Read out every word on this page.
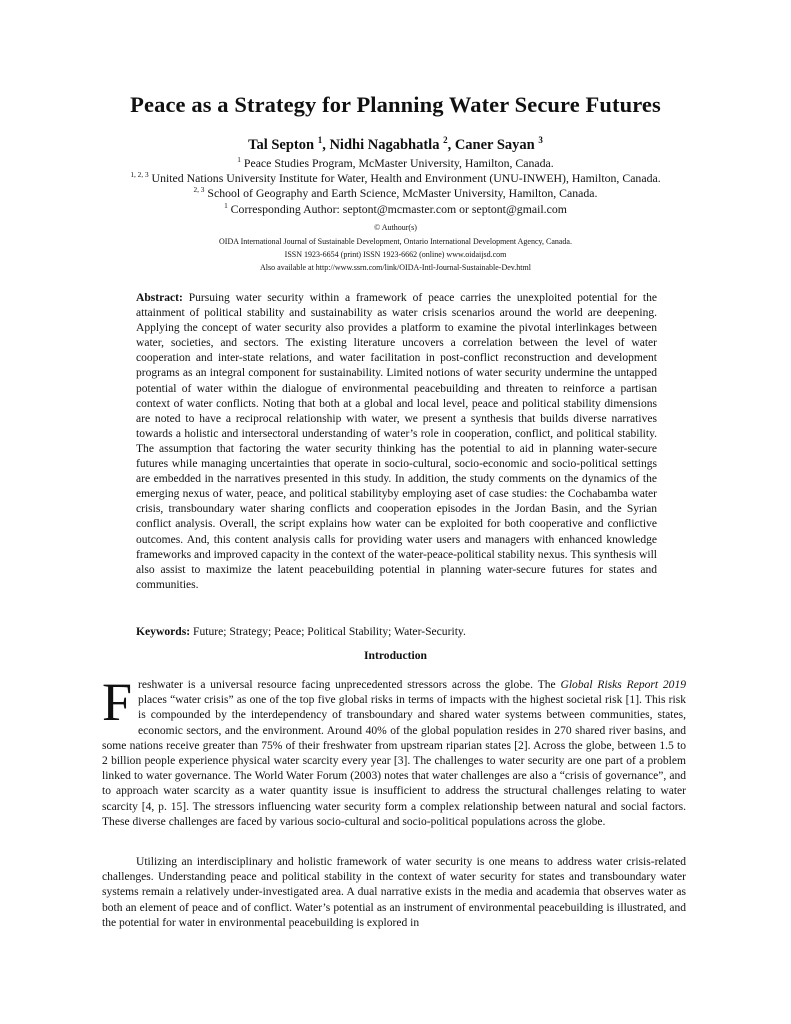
Peace as a Strategy for Planning Water Secure Futures
Tal Septon $^1$, Nidhi Nagabhatla $^2$, Caner Sayan $^3$
$^1$ Peace Studies Program, McMaster University, Hamilton, Canada.
$^{1, 2, 3}$ United Nations University Institute for Water, Health and Environment (UNU-INWEH), Hamilton, Canada.
$^{2, 3}$ School of Geography and Earth Science, McMaster University, Hamilton, Canada.
$^1$ Corresponding Author: septont@mcmaster.com or septont@gmail.com
© Authour(s)
OIDA International Journal of Sustainable Development, Ontario International Development Agency, Canada.
ISSN 1923-6654 (print) ISSN 1923-6662 (online) www.oidaijsd.com
Also available at http://www.ssrn.com/link/OIDA-Intl-Journal-Sustainable-Dev.html

Abstract: Pursuing water security within a framework of peace carries the unexploited potential for the attainment of political stability and sustainability as water crisis scenarios around the world are deepening. Applying the concept of water security also provides a platform to examine the pivotal interlinkages between water, societies, and sectors. The existing literature uncovers a correlation between the level of water cooperation and inter-state relations, and water facilitation in post-conflict reconstruction and development programs as an integral component for sustainability. Limited notions of water security undermine the untapped potential of water within the dialogue of environmental peacebuilding and threaten to reinforce a partisan context of water conflicts. Noting that both at a global and local level, peace and political stability dimensions are noted to have a reciprocal relationship with water, we present a synthesis that builds diverse narratives towards a holistic and intersectoral understanding of water’s role in cooperation, conflict, and political stability. The assumption that factoring the water security thinking has the potential to aid in planning water-secure futures while managing uncertainties that operate in socio-cultural, socio-economic and socio-political settings are embedded in the narratives presented in this study. In addition, the study comments on the dynamics of the emerging nexus of water, peace, and political stabilityby employing aset of case studies: the Cochabamba water crisis, transboundary water sharing conflicts and cooperation episodes in the Jordan Basin, and the Syrian conflict analysis. Overall, the script explains how water can be exploited for both cooperative and conflictive outcomes. And, this content analysis calls for providing water users and managers with enhanced knowledge frameworks and improved capacity in the context of the water-peace-political stability nexus. This synthesis will also assist to maximize the latent peacebuilding potential in planning water-secure futures for states and communities.

Keywords: Future; Strategy; Peace; Political Stability; Water-Security.

Introduction

Freshwater is a universal resource facing unprecedented stressors across the globe. The Global Risks Report 2019 places “water crisis” as one of the top five global risks in terms of impacts with the highest societal risk [1]. This risk is compounded by the interdependency of transboundary and shared water systems between communities, states, economic sectors, and the environment. Around 40% of the global population resides in 270 shared river basins, and some nations receive greater than 75% of their freshwater from upstream riparian states [2]. Across the globe, between 1.5 to 2 billion people experience physical water scarcity every year [3]. The challenges to water security are one part of a problem linked to water governance. The World Water Forum (2003) notes that water challenges are also a “crisis of governance”, and to approach water scarcity as a water quantity issue is insufficient to address the structural challenges relating to water scarcity [4, p. 15]. The stressors influencing water security form a complex relationship between natural and social factors. These diverse challenges are faced by various socio-cultural and socio-political populations across the globe.

Utilizing an interdisciplinary and holistic framework of water security is one means to address water crisis-related challenges. Understanding peace and political stability in the context of water security for states and transboundary water systems remain a relatively under-investigated area. A dual narrative exists in the media and academia that observes water as both an element of peace and of conflict. Water’s potential as an instrument of environmental peacebuilding is illustrated, and the potential for water in environmental peacebuilding is explored in
